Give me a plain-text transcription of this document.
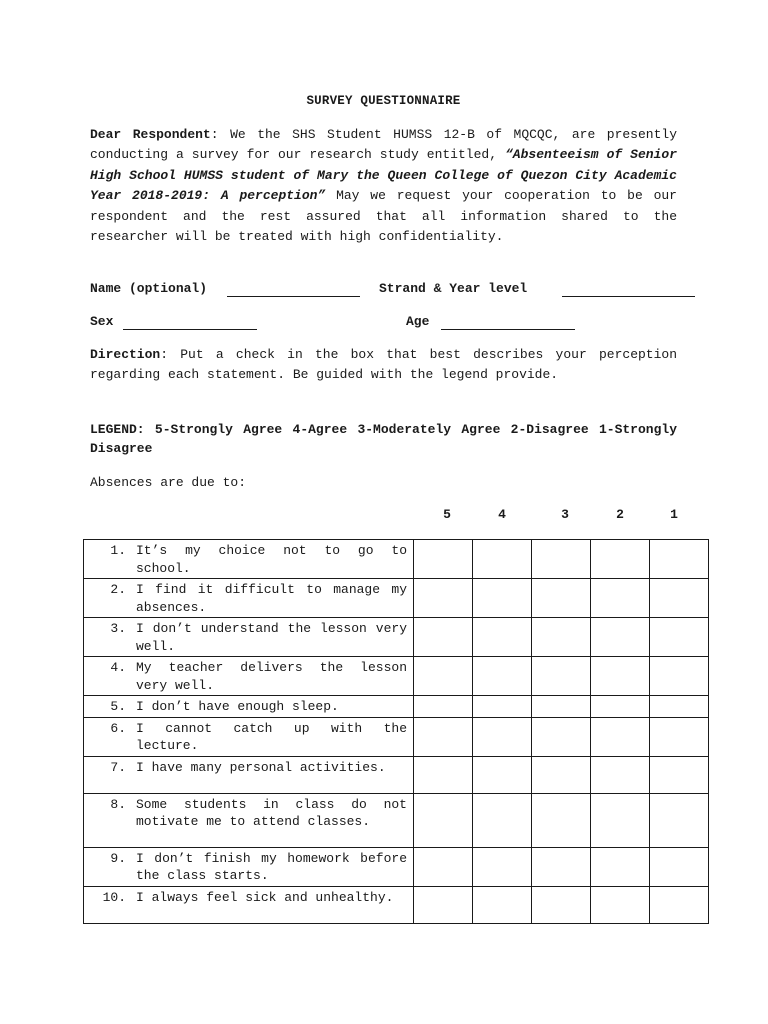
SURVEY QUESTIONNAIRE
Dear Respondent: We the SHS Student HUMSS 12-B of MQCQC, are presently conducting a survey for our research study entitled, “Absenteeism of Senior High School HUMSS student of Mary the Queen College of Quezon City Academic Year 2018-2019: A perception” May we request your cooperation to be our respondent and the rest assured that all information shared to the researcher will be treated with high confidentiality.
Name (optional)	Strand & Year level
Sex	Age
Direction: Put a check in the box that best describes your perception regarding each statement. Be guided with the legend provide.
LEGEND: 5-Strongly Agree 4-Agree 3-Moderately Agree 2-Disagree 1-Strongly Disagree
Absences are due to:
5	4	3	2	1
1. It’s my choice not to go to school.					

2. I find it difficult to manage my absences.					

3. I don’t understand the lesson very well.					

4. My teacher delivers the lesson very well.					

5. I don’t have enough sleep.					

6. I cannot catch up with the lecture.					

7. I have many personal activities.					

8. Some students in class do not motivate me to attend classes.					

9. I don’t finish my homework before the class starts.					

10. I always feel sick and unhealthy.					
